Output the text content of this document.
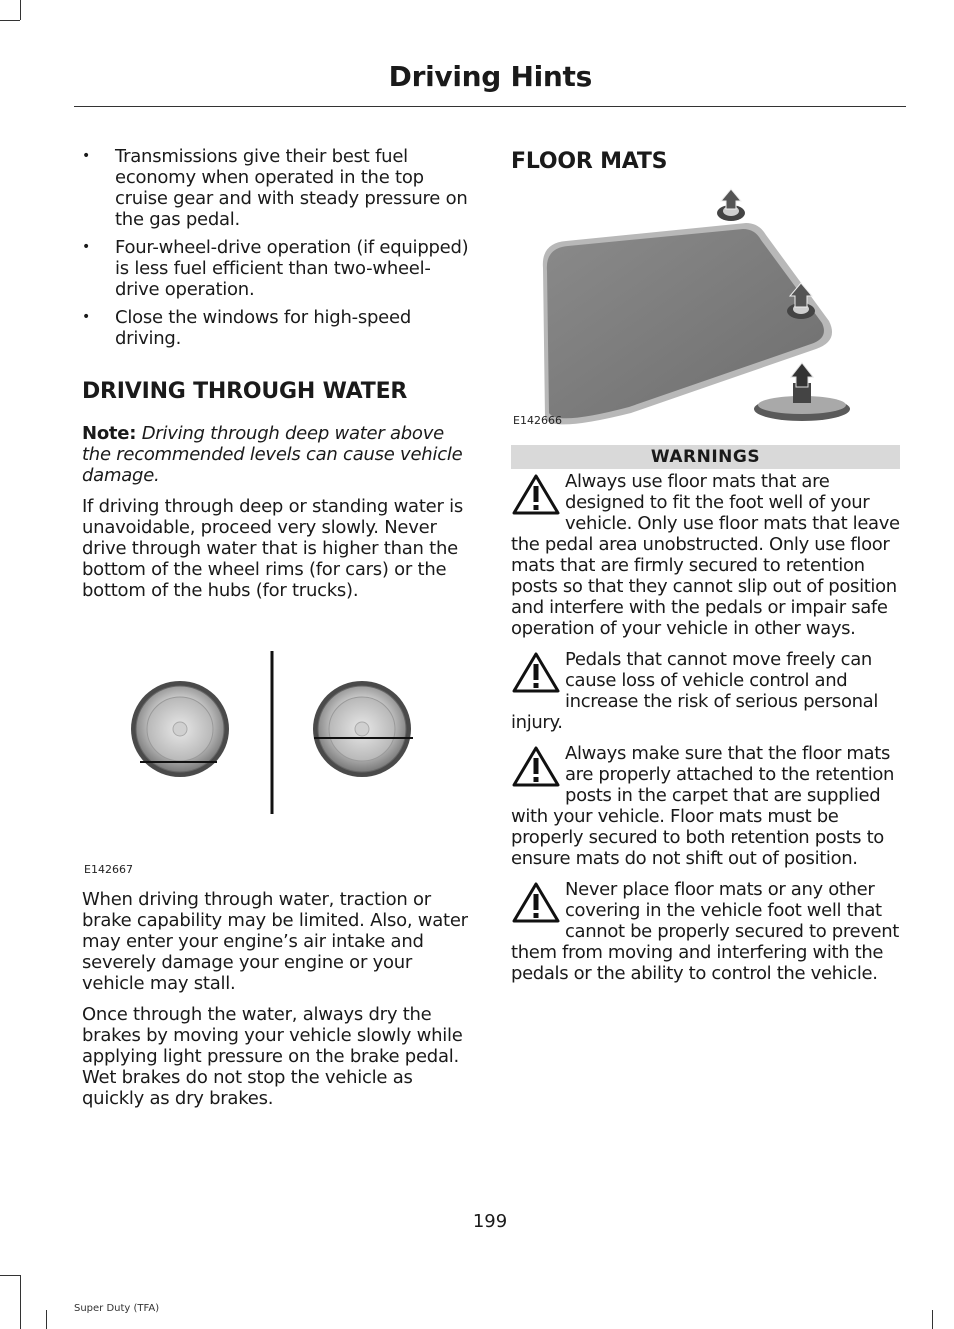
Driving Hints
• Transmissions give their best fuel economy when operated in the top cruise gear and with steady pressure on the gas pedal.
• Four-wheel-drive operation (if equipped) is less fuel efficient than two-wheel-drive operation.
• Close the windows for high-speed driving.
DRIVING THROUGH WATER

Note: Driving through deep water above the recommended levels can cause vehicle damage.

If driving through deep or standing water is unavoidable, proceed very slowly. Never drive through water that is higher than the bottom of the wheel rims (for cars) or the bottom of the hubs (for trucks).

E142667

When driving through water, traction or brake capability may be limited. Also, water may enter your engine’s air intake and severely damage your engine or your vehicle may stall.

Once through the water, always dry the brakes by moving your vehicle slowly while applying light pressure on the brake pedal. Wet brakes do not stop the vehicle as quickly as dry brakes.

FLOOR MATS
E142666
WARNINGS
Always use floor mats that are designed to fit the foot well of your vehicle. Only use floor mats that leave the pedal area unobstructed. Only use floor mats that are firmly secured to retention posts so that they cannot slip out of position and interfere with the pedals or impair safe operation of your vehicle in other ways.
Pedals that cannot move freely can cause loss of vehicle control and increase the risk of serious personal injury.
Always make sure that the floor mats are properly attached to the retention posts in the carpet that are supplied with your vehicle. Floor mats must be properly secured to both retention posts to ensure mats do not shift out of position.
Never place floor mats or any other covering in the vehicle foot well that cannot be properly secured to prevent them from moving and interfering with the pedals or the ability to control the vehicle.
199
Super Duty (TFA)
